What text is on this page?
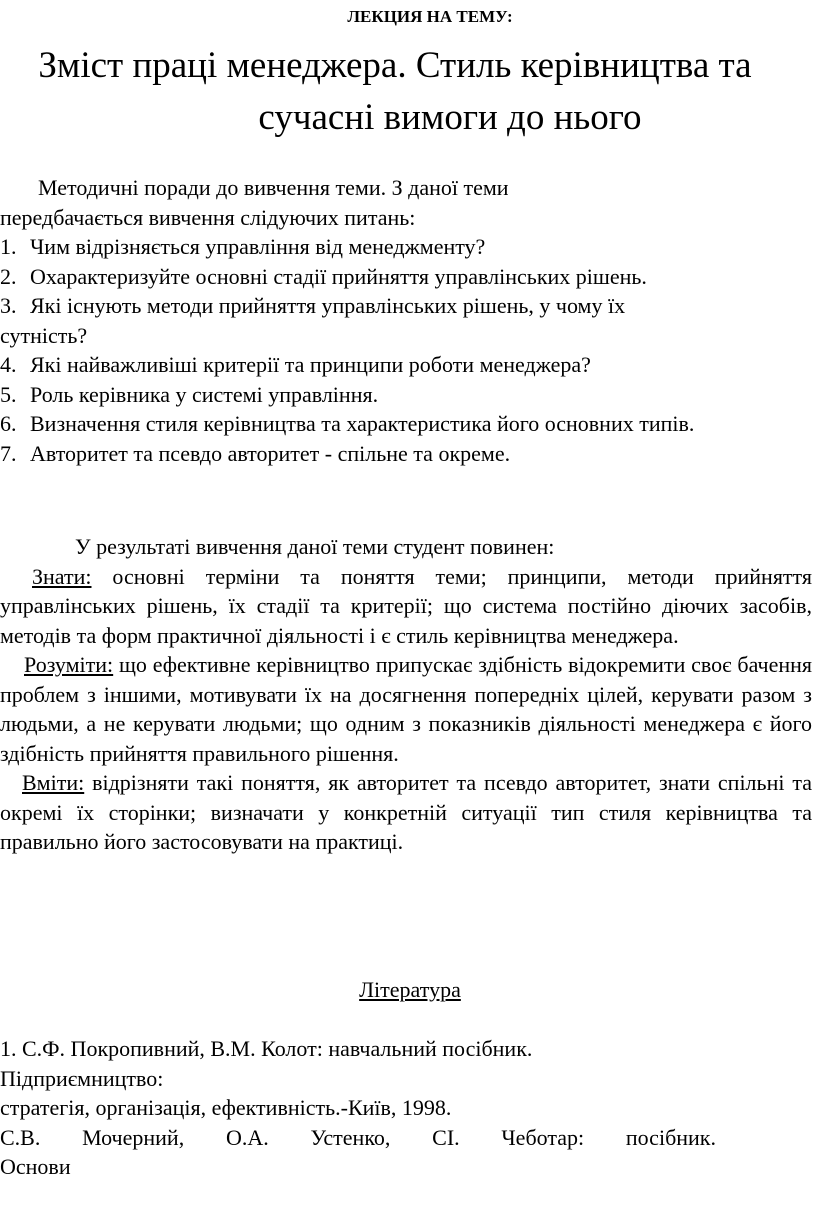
ЛЕКЦИЯ НА ТЕМУ:
Зміст праці менеджера. Стиль керівництва та
сучасні вимоги до нього
Методичні поради до вивчення теми. З даної теми
передбачається вивчення слідуючих питань:
1. Чим відрізняється управління від менеджменту?
2. Охарактеризуйте основні стадії прийняття управлінських рішень.
3. Які існують методи прийняття управлінських рішень, у чому їх
сутність?
4. Які найважливіші критерії та принципи роботи менеджера?
5. Роль керівника у системі управління.
6. Визначення стиля керівництва та характеристика його основних типів.
7. Авторитет та псевдо авторитет - спільне та окреме.
У результаті вивчення даної теми студент повинен:

Знати: основні терміни та поняття теми; принципи, методи прийняття управлінських рішень, їх стадії та критерії; що система постійно діючих засобів, методів та форм практичної діяльності і є стиль керівництва менеджера.

Розуміти: що ефективне керівництво припускає здібність відокремити своє бачення проблем з іншими, мотивувати їх на досягнення попередніх цілей, керувати разом з людьми, а не керувати людьми; що одним з показників діяльності менеджера є його здібність прийняття правильного рішення.

Вміти: відрізняти такі поняття, як авторитет та псевдо авторитет, знати спільні та окремі їх сторінки; визначати у конкретній ситуації тип стиля керівництва та правильно його застосовувати на практиці.

Література
1. С.Ф. Покропивний, В.М. Колот: навчальний посібник.
Підприємництво:
стратегія, організація, ефективність.-Київ, 1998.
С.В. Мочерний, О.А. Устенко, СІ. Чеботар: посібник.
Основи
